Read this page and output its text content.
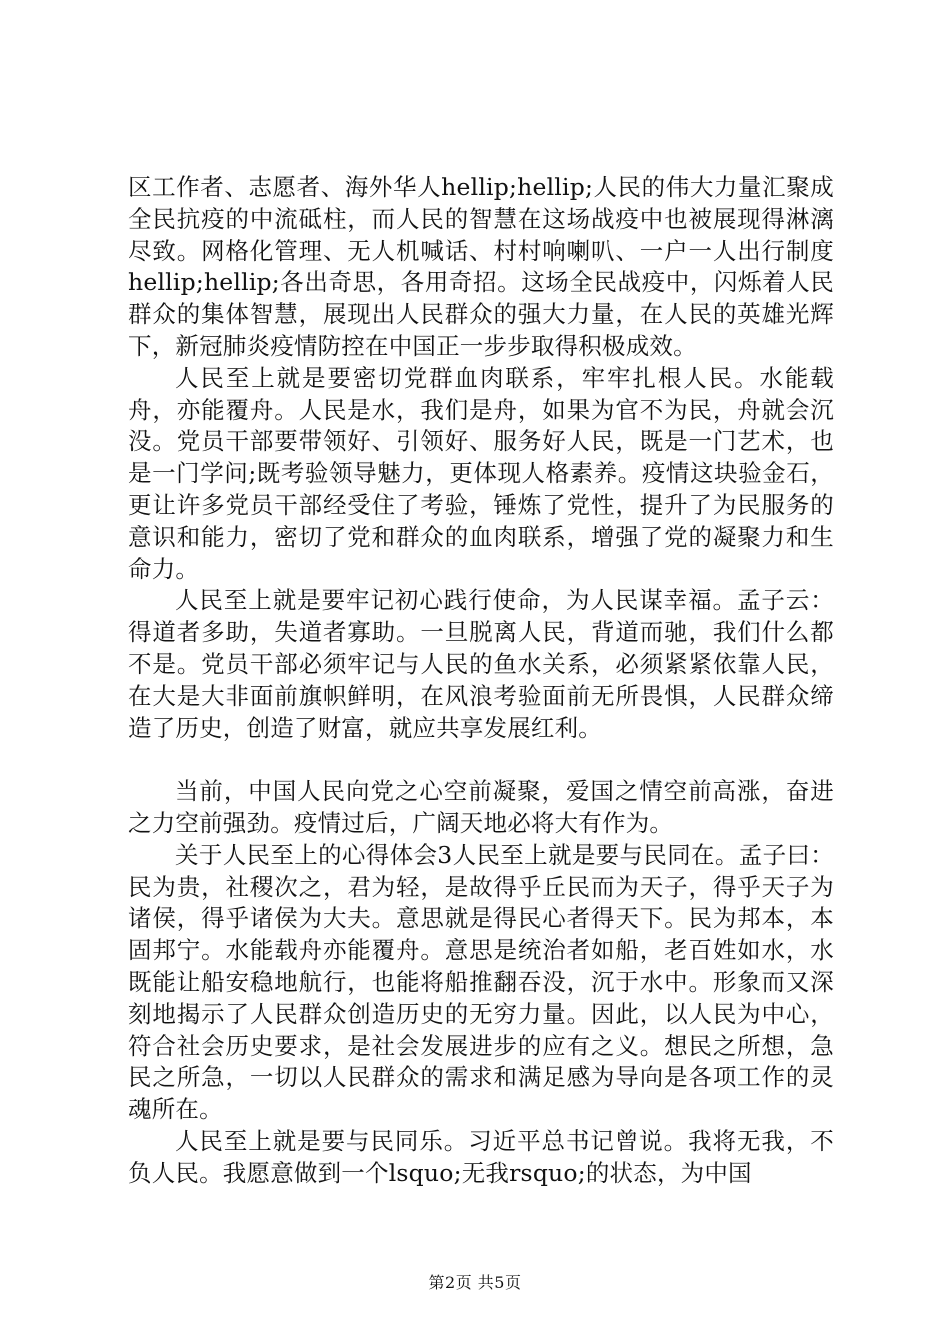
区工作者、志愿者、海外华人hellip;hellip;人民的伟大力量汇聚成全民抗疫的中流砥柱，而人民的智慧在这场战疫中也被展现得淋漓尽致。网格化管理、无人机喊话、村村响喇叭、一户一人出行制度hellip;hellip;各出奇思，各用奇招。这场全民战疫中，闪烁着人民群众的集体智慧，展现出人民群众的强大力量，在人民的英雄光辉下，新冠肺炎疫情防控在中国正一步步取得积极成效。

人民至上就是要密切党群血肉联系，牢牢扎根人民。水能载舟，亦能覆舟。人民是水，我们是舟，如果为官不为民，舟就会沉没。党员干部要带领好、引领好、服务好人民，既是一门艺术，也是一门学问;既考验领导魅力，更体现人格素养。疫情这块验金石，更让许多党员干部经受住了考验，锤炼了党性，提升了为民服务的意识和能力，密切了党和群众的血肉联系，增强了党的凝聚力和生命力。

人民至上就是要牢记初心践行使命，为人民谋幸福。孟子云：得道者多助，失道者寡助。一旦脱离人民，背道而驰，我们什么都不是。党员干部必须牢记与人民的鱼水关系，必须紧紧依靠人民，在大是大非面前旗帜鲜明，在风浪考验面前无所畏惧，人民群众缔造了历史，创造了财富，就应共享发展红利。

当前，中国人民向党之心空前凝聚，爱国之情空前高涨，奋进之力空前强劲。疫情过后，广阔天地必将大有作为。

关于人民至上的心得体会3人民至上就是要与民同在。孟子曰：民为贵，社稷次之，君为轻，是故得乎丘民而为天子，得乎天子为诸侯，得乎诸侯为大夫。意思就是得民心者得天下。民为邦本，本固邦宁。水能载舟亦能覆舟。意思是统治者如船，老百姓如水，水既能让船安稳地航行，也能将船推翻吞没，沉于水中。形象而又深刻地揭示了人民群众创造历史的无穷力量。因此，以人民为中心，符合社会历史要求，是社会发展进步的应有之义。想民之所想，急民之所急，一切以人民群众的需求和满足感为导向是各项工作的灵魂所在。

人民至上就是要与民同乐。习近平总书记曾说。我将无我，不负人民。我愿意做到一个lsquo;无我rsquo;的状态，为中国

第2页 共5页
